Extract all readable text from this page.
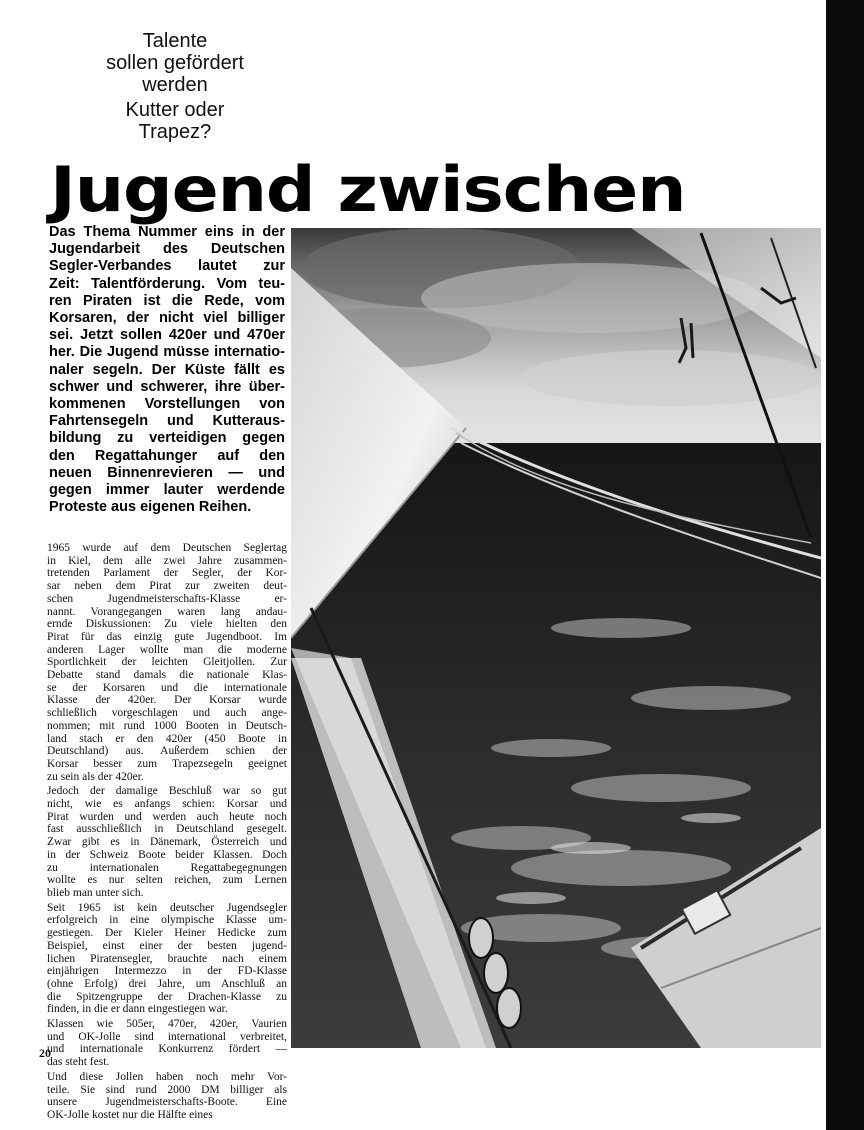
Talente
sollen gefördert
werden
Kutter oder
Trapez?
Jugend zwischen
Das Thema Nummer eins in der
Jugendarbeit des Deutschen
Segler-Verbandes lautet zur
Zeit: Talentförderung. Vom teu-
ren Piraten ist die Rede, vom
Korsaren, der nicht viel billiger
sei. Jetzt sollen 420er und 470er
her. Die Jugend müsse internatio-
naler segeln. Der Küste fällt es
schwer und schwerer, ihre über-
kommenen Vorstellungen von
Fahrtensegeln und Kutteraus-
bildung zu verteidigen gegen
den Regattahunger auf den
neuen Binnenrevieren — und
gegen immer lauter werdende
Proteste aus eigenen Reihen.

1965 wurde auf dem Deutschen Seglertag
in Kiel, dem alle zwei Jahre zusammen-
tretenden Parlament der Segler, der Kor-
sar neben dem Pirat zur zweiten deut-
schen Jugendmeisterschafts-Klasse er-
nannt. Vorangegangen waren lang andau-
ernde Diskussionen: Zu viele hielten den
Pirat für das einzig gute Jugendboot. Im
anderen Lager wollte man die moderne
Sportlichkeit der leichten Gleitjollen. Zur
Debatte stand damals die nationale Klas-
se der Korsaren und die internationale
Klasse der 420er. Der Korsar wurde
schließlich vorgeschlagen und auch ange-
nommen; mit rund 1000 Booten in Deutsch-
land stach er den 420er (450 Boote in
Deutschland) aus. Außerdem schien der
Korsar besser zum Trapezsegeln geeignet
zu sein als der 420er.

Jedoch der damalige Beschluß war so gut
nicht, wie es anfangs schien: Korsar und
Pirat wurden und werden auch heute noch
fast ausschließlich in Deutschland gesegelt.
Zwar gibt es in Dänemark, Österreich und
in der Schweiz Boote beider Klassen. Doch
zu internationalen Regattabegegnungen
wollte es nur selten reichen, zum Lernen
blieb man unter sich.

Seit 1965 ist kein deutscher Jugendsegler
erfolgreich in eine olympische Klasse um-
gestiegen. Der Kieler Heiner Hedicke zum
Beispiel, einst einer der besten jugend-
lichen Piratensegler, brauchte nach einem
einjährigen Intermezzo in der FD-Klasse
(ohne Erfolg) drei Jahre, um Anschluß an
die Spitzengruppe der Drachen-Klasse zu
finden, in die er dann eingestiegen war.

Klassen wie 505er, 470er, 420er, Vaurien
und OK-Jolle sind international verbreitet,
und internationale Konkurrenz fördert —
das steht fest.

Und diese Jollen haben noch mehr Vor-
teile. Sie sind rund 2000 DM billiger als
unsere Jugendmeisterschafts-Boote. Eine
OK-Jolle kostet nur die Hälfte eines

20
